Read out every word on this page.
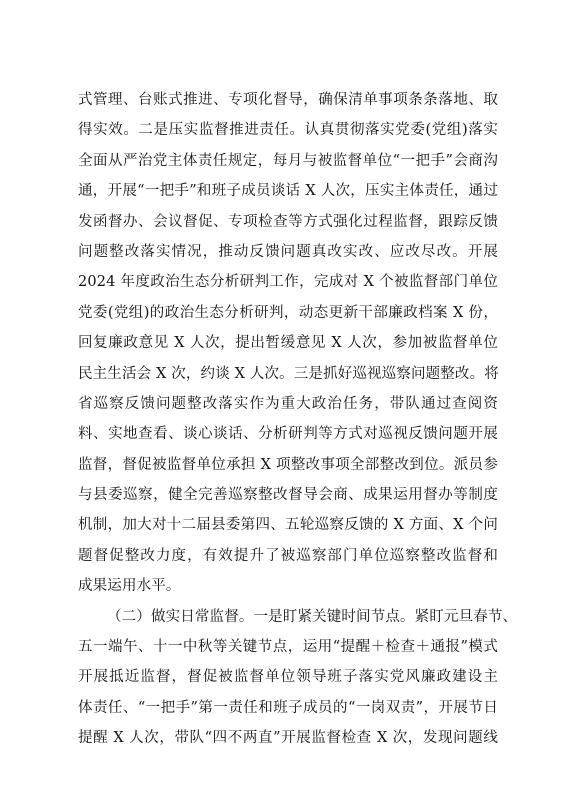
式管理、台账式推进、专项化督导，确保清单事项条条落地、取
得实效。二是压实监督推进责任。认真贯彻落实党委(党组)落实
全面从严治党主体责任规定，每月与被监督单位“一把手”会商沟
通，开展“一把手”和班子成员谈话 X 人次，压实主体责任，通过
发函督办、会议督促、专项检查等方式强化过程监督，跟踪反馈
问题整改落实情况，推动反馈问题真改实改、应改尽改。开展
2024 年度政治生态分析研判工作，完成对 X 个被监督部门单位
党委(党组)的政治生态分析研判，动态更新干部廉政档案 X 份，
回复廉政意见 X 人次，提出暂缓意见 X 人次，参加被监督单位
民主生活会 X 次，约谈 X 人次。三是抓好巡视巡察问题整改。将
省巡察反馈问题整改落实作为重大政治任务，带队通过查阅资
料、实地查看、谈心谈话、分析研判等方式对巡视反馈问题开展
监督，督促被监督单位承担 X 项整改事项全部整改到位。派员参
与县委巡察，健全完善巡察整改督导会商、成果运用督办等制度
机制，加大对十二届县委第四、五轮巡察反馈的 X 方面、X 个问
题督促整改力度，有效提升了被巡察部门单位巡察整改监督和
成果运用水平。
（二）做实日常监督。一是盯紧关键时间节点。紧盯元旦春节、
五一端午、十一中秋等关键节点，运用“提醒＋检查＋通报”模式
开展抵近监督，督促被监督单位领导班子落实党风廉政建设主
体责任、“一把手”第一责任和班子成员的“一岗双责”，开展节日
提醒 X 人次，带队“四不两直”开展监督检查 X 次，发现问题线
